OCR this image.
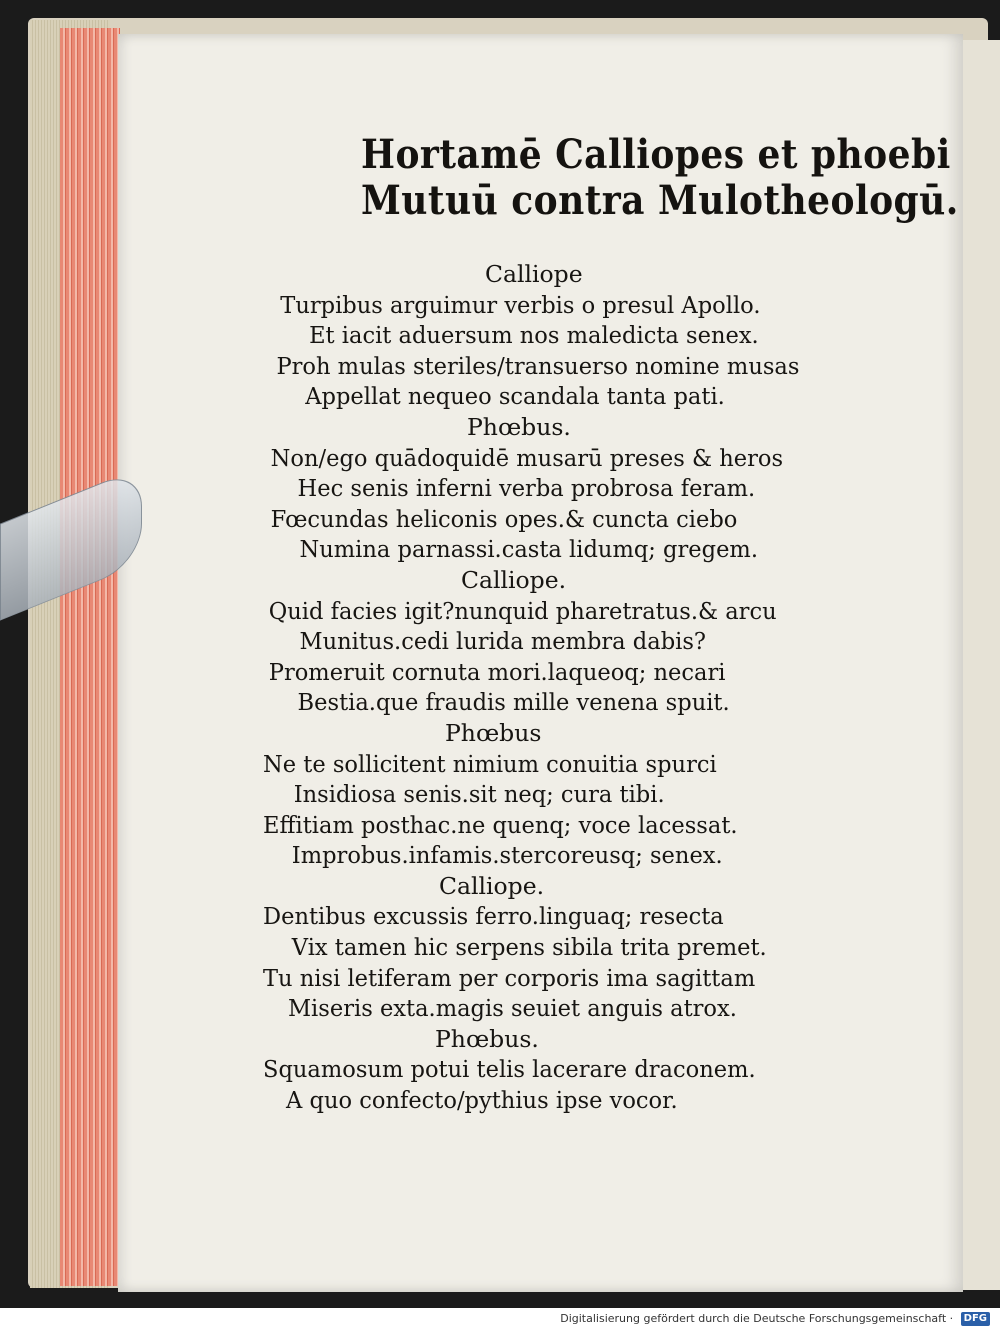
Hortamē Calliopes et phoebi
Mutuū contra Mulotheologū.
Calliope
Turpibus arguimur verbis o presul Apollo.
Et iacit aduersum nos maledicta senex.
Proh mulas steriles/transuerso nomine musas
Appellat nequeo scandala tanta pati.
Phœbus.
Non/ego quādoquidē musarū preses & heros
Hec senis inferni verba probrosa feram.
Fœcundas heliconis opes.& cuncta ciebo
Numina parnassi.casta lidumq; gregem.
Calliope.
Quid facies igit?nunquid pharetratus.& arcu
Munitus.cedi lurida membra dabis?
Promeruit cornuta mori.laqueoq; necari
Bestia.que fraudis mille venena spuit.
Phœbus
Ne te sollicitent nimium conuitia spurci
Insidiosa senis.sit neq; cura tibi.
Effitiam posthac.ne quenq; voce lacessat.
Improbus.infamis.stercoreusq; senex.
Calliope.
Dentibus excussis ferro.linguaq; resecta
Vix tamen hic serpens sibila trita premet.
Tu nisi letiferam per corporis ima sagittam
Miseris exta.magis seuiet anguis atrox.
Phœbus.
Squamosum potui telis lacerare draconem.
A quo confecto/pythius ipse vocor.
Digitalisierung gefördert durch die Deutsche Forschungsgemeinschaft · DFG
